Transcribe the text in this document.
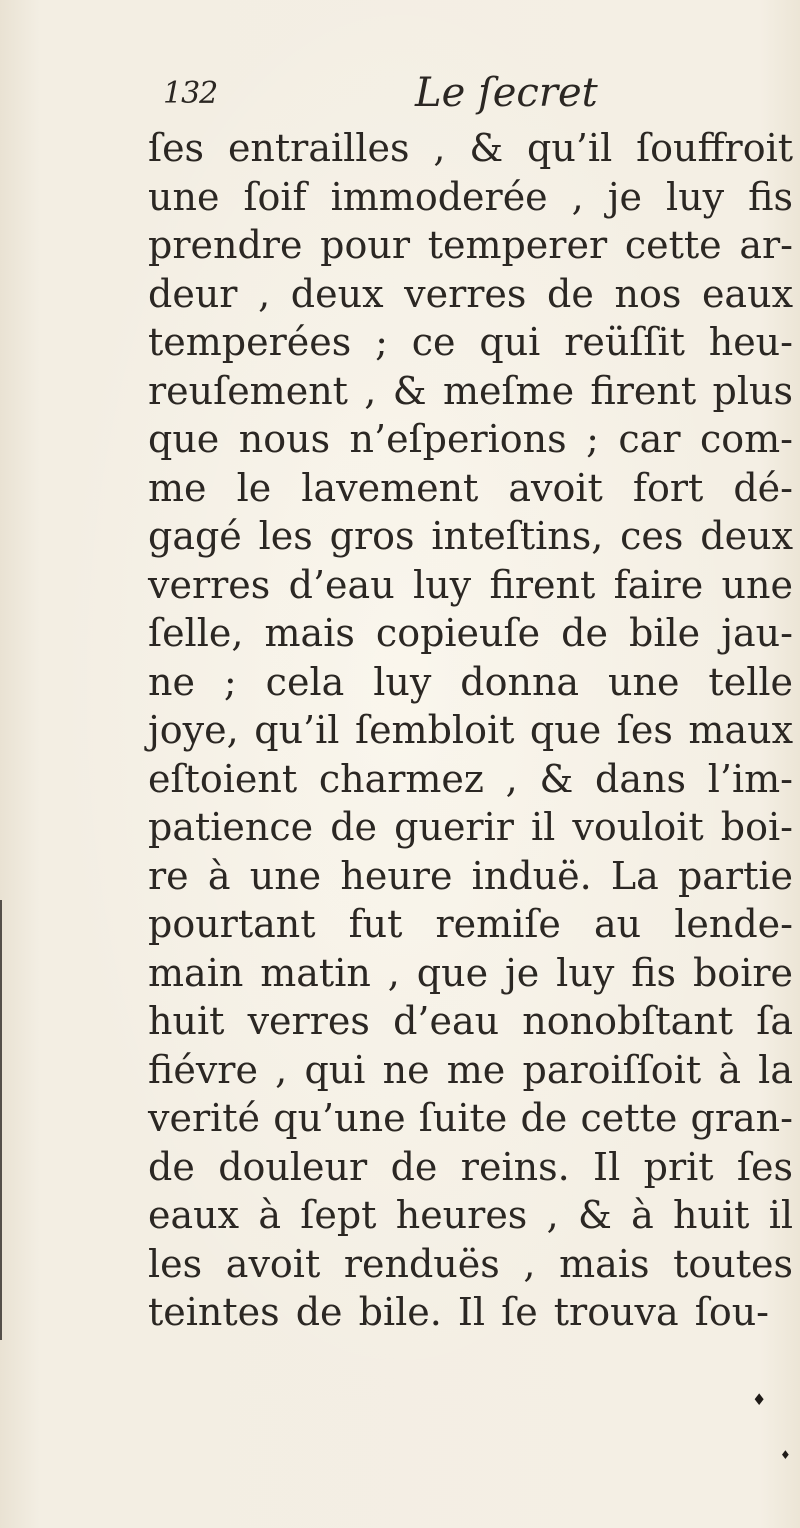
132	Le ſecret
ſes entrailles , & qu’il ſouffroit
une ſoif immoderée , je luy fis
prendre pour temperer cette ar-
deur , deux verres de nos eaux
temperées ; ce qui reüſſit heu-
reuſement , & meſme firent plus
que nous n’eſperions ; car com-
me le lavement avoit fort dé-
gagé les gros inteſtins, ces deux
verres d’eau luy firent faire une
ſelle, mais copieuſe de bile jau-
ne ; cela luy donna une telle
joye, qu’il ſembloit que ſes maux
eſtoient charmez , & dans l’im-
patience de guerir il vouloit boi-
re à une heure induë. La partie
pourtant fut remiſe au lende-
main matin , que je luy fis boire
huit verres d’eau nonobſtant ſa
fiévre , qui ne me paroiſſoit à la
verité qu’une ſuite de cette gran-
de douleur de reins. Il prit ſes
eaux à ſept heures , & à huit il
les avoit renduës , mais toutes
teintes de bile. Il ſe trouva ſou-
♦
♦
